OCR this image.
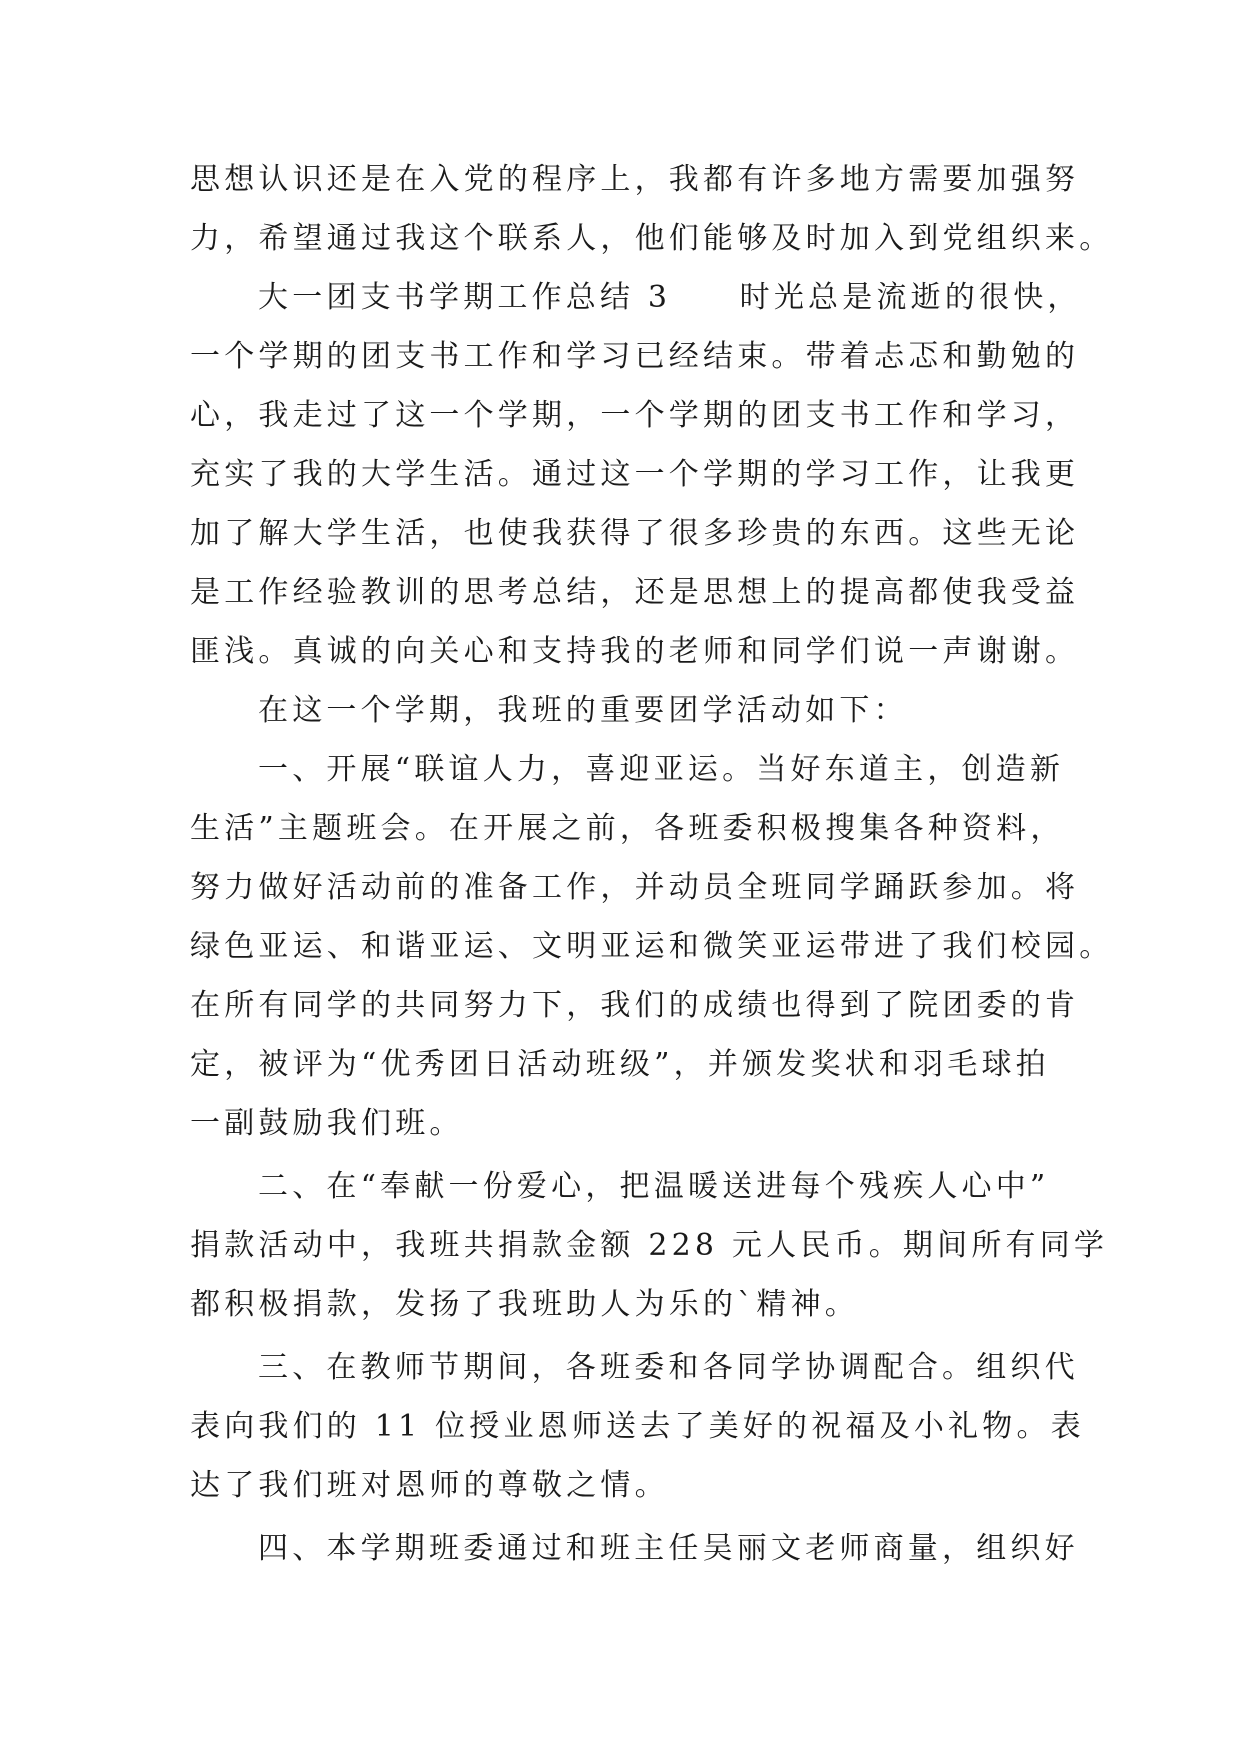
思想认识还是在入党的程序上，我都有许多地方需要加强努
力，希望通过我这个联系人，他们能够及时加入到党组织来。
大一团支书学期工作总结 3　　时光总是流逝的很快，
一个学期的团支书工作和学习已经结束。带着忐忑和勤勉的
心，我走过了这一个学期，一个学期的团支书工作和学习，
充实了我的大学生活。通过这一个学期的学习工作，让我更
加了解大学生活，也使我获得了很多珍贵的东西。这些无论
是工作经验教训的思考总结，还是思想上的提高都使我受益
匪浅。真诚的向关心和支持我的老师和同学们说一声谢谢。
在这一个学期，我班的重要团学活动如下：
一、开展“联谊人力，喜迎亚运。当好东道主，创造新
生活”主题班会。在开展之前，各班委积极搜集各种资料，
努力做好活动前的准备工作，并动员全班同学踊跃参加。将
绿色亚运、和谐亚运、文明亚运和微笑亚运带进了我们校园。
在所有同学的共同努力下，我们的成绩也得到了院团委的肯
定，被评为“优秀团日活动班级”，并颁发奖状和羽毛球拍
一副鼓励我们班。
二、在“奉献一份爱心，把温暖送进每个残疾人心中”
捐款活动中，我班共捐款金额 228 元人民币。期间所有同学
都积极捐款，发扬了我班助人为乐的`精神。
三、在教师节期间，各班委和各同学协调配合。组织代
表向我们的 11 位授业恩师送去了美好的祝福及小礼物。表
达了我们班对恩师的尊敬之情。
四、本学期班委通过和班主任吴丽文老师商量，组织好
